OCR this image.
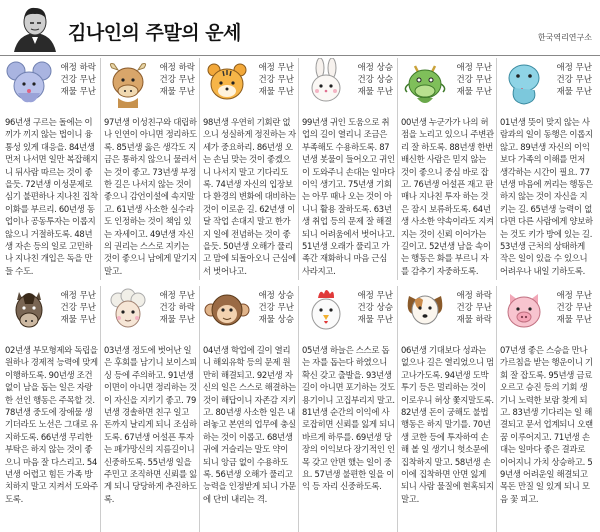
김나인의 주말의 운세	한국역리연구소
애정 하락
건강 무난
재물 무난
96년생 구르는 돌에는 이끼가 끼지 않는 법이니 융통성 있게 대응을. 84년생 먼저 나서면 일만 복잡해지니 뒤사람 따르는 것이 좋을듯. 72년생 이성문제로 심기 불편하나 지나친 집착이화를 부르리. 60년생 동업이나 공동투자는 이롭지 않으니 거절하도록. 48년생 자손 등의 일로 고민하나 지나친 개입은 독을 만들 수도.
애정 하락
건강 무난
재물 무난
97년생 이성친구와 대립하나 인연이 아니면 정리하도록. 85년생 옳은 생각도 지금은 통하지 않으니 물러서는 것이 좋고. 73년생 부정한 길은 나서지 않는 것이 좋으니 감언이설에 속지말고. 61년생 사소한 실수라도 인정하는 것이 책임 있는 자세이고. 49년생 자신의 권리는 스스로 지키는 것이 좋으니 남에게 맡기지 말고.
애정 무난
건강 무난
재물 무난
98년생 우연히 기회란 없으니 성실하게 정진하는 자세가 중요하리. 86년생 오는 손님 맞는 것이 좋겠으니 나서지 말고 기다리도록. 74년생 자신의 입장보다 환경의 변화에 대비하는 것이 이로운 길. 62년생 이달 작업 손대지 말고 한가지 일에 전념하는 것이 좋을듯. 50년생 오해가 풀리고 맘에 되돌아오니 근심에서 벗어나고.
애정 상승
건강 상승
재물 무난
99년생 귀인 도움으로 취업의 길이 열리니 조금은 부족해도 수용하도록. 87년생 봇물이 들어오고 귀인이 도와주니 손대는 일마다 이익 생기고. 75년생 기회는 아무 때나 오는 것이 아니니 활용 잘하도록. 63년생 취업 등의 문제 잘 해결되니 어려움에서 벗어나고. 51년생 오래가 풀리고 가족간 재화하니 마음 근심 사라지고.
애정 무난
건강 무난
재물 무난
00년생 누군가가 나의 허점을 노리고 있으니 주변관리 잘 하도록. 88년생 한번 배신한 사람은 믿지 않는 것이 좋으니 중심 바로 잡고. 76년생 어설픈 재고 판매나 지나친 투자 하는 것은 잠시 보류하도록. 64년생 사소한 약속이라도 지켜지는 것이 신뢰 이어가는 길이고. 52년생 남을 속이는 행동은 화를 부르니 자를 감추기 자중하도록.
애정 무난
건강 무난
재물 무난
01년생 뜻이 맞지 않는 사람과의 일이 동행은 이롭지 않고. 89년생 자신의 이익보다 가족의 이해를 먼저 생각하는 시간이 필요. 77년생 마음에 꺼리는 행동은 하지 않는 것이 자신을 지키는 길. 65년생 능력이 없다면 다른 사람에게 양보하는 것도 키가 방에 있는 길. 53년생 근처의 상태하게 작은 일이 있을 수 있으니 어려우나 내일 기하도록.
애정 무난
건강 무난
재물 무난
02년생 부모형제와 독립을 원하나 경제적 능력에 맞게 이행하도록. 90년생 조건 없이 남을 돕는 일은 자랑한 선인 행동은 주목할 것. 78년생 중도에 장애물 생기더라도 노선은 그대로 유지하도록. 66년생 무리한 부탁은 하지 않는 것이 좋으니 마음 잘 다스리고. 54년생 어렵고 힘든 가족 방치하지 말고 지켜서 도와주도록.
애정 무난
건강 하락
재물 무난
03년생 정도에 벗어난 일은 후회를 남기니 보이스피싱 등에 주의하고. 91년생 이면이 아니면 정리하는 것이 자신을 지키기 좋고. 79년생 경솔하면 친구 일고 돈까지 날리게 되니 조심하도록. 67년생 어설픈 투자는 패가망신의 지름길이니 신중하도록. 55년생 일을 주민고 조직하면 신뢰를 잃게 되니 당당하게 추진하도록.
애정 상승
건강 무난
재물 상승
04년생 학업에 길이 열리니 해외유학 등의 문제 원만히 해결되고. 92년생 자신의 일은 스스로 해결하는 것이 해답이니 자존감 지키고. 80년생 사소한 일은 내려놓고 본연의 업무에 충실하는 것이 이롭고. 68년생 귀에 거슬리는 말도 약이 되니 앙금 없이 수용하도록. 56년생 오해가 풀리고 능력을 인정받게 되니 가문에 단비 내리는 격.
애정 무난
건강 상승
재물 무난
05년생 하늘은 스스로 돕는 자를 돕는다 하였으니 확신 갖고 출발을. 93년생 길이 아니면 포기하는 것도 용기이니 고집부리지 말고. 81년생 순간의 이익에 사로잡히면 신뢰를 잃게 되니 바르게 하루를. 69년생 당장의 이익보다 장기적인 인목 갖고 안면 했는 일이 중요. 57년생 불편한 일을 이익 등 자리 신중하도록.
애정 하락
건강 무난
재물 하락
06년생 기대보다 성과는 없으나 길은 열리었으니 멈고나가도록. 94년생 도박 투기 등은 멀리하는 것이 이로우니 허상 쫓지말도록. 82년생 돈이 궁해도 불법 행동은 하지 말기를. 70년생 코한 등에 투자하여 손해 볼 일 생기니 헛소문에 집착하지 말고. 58년생 손이에 집착하면 안면 잃게 되니 사람 물질에 현혹되지 말고.
애정 무난
건강 무난
재물 무난
07년생 좋은 스승을 만나 가르침을 받는 행운이니 기회 잘 잡도록. 95년생 금료 오르고 승진 등의 기회 생기니 노력한 보람 찾게 되고. 83년생 기다리는 일 해결되고 문서 업계되니 오랜 꿈 이루어지고. 71년생 손대는 일마다 좋은 결과로 이어지니 가치 상승하고. 59년생 어려운일 해결되고 목돈 만질 일 있게 되니 모음 꽃 피고.
